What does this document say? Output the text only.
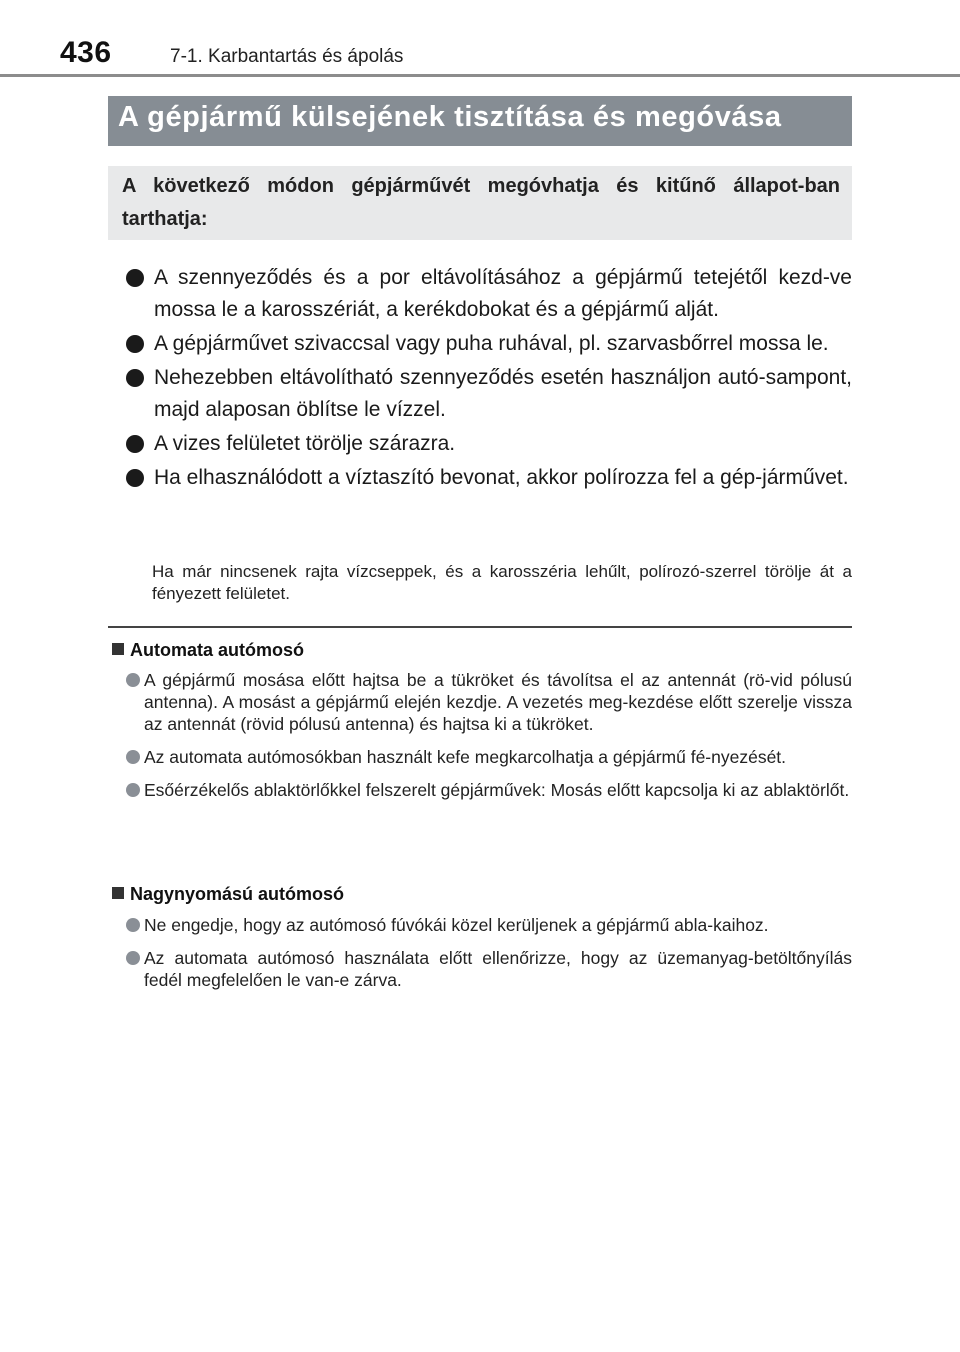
436	7-1. Karbantartás és ápolás
A gépjármű külsejének tisztítása és megóvása
A következő módon gépjárművét megóvhatja és kitűnő állapot-ban tarthatja:
A szennyeződés és a por eltávolításához a gépjármű tetejétől kezd-ve mossa le a karosszériát, a kerékdobokat és a gépjármű alját.
A gépjárművet szivaccsal vagy puha ruhával, pl. szarvasbőrrel mossa le.
Nehezebben eltávolítható szennyeződés esetén használjon autó-sampont, majd alaposan öblítse le vízzel.
A vizes felületet törölje szárazra.
Ha elhasználódott a víztaszító bevonat, akkor polírozza fel a gép-járművet.
Ha már nincsenek rajta vízcseppek, és a karosszéria lehűlt, polírozó-szerrel törölje át a fényezett felületet.
Automata autómosó
A gépjármű mosása előtt hajtsa be a tükröket és távolítsa el az antennát (rö-vid pólusú antenna). A mosást a gépjármű elején kezdje. A vezetés meg-kezdése előtt szerelje vissza az antennát (rövid pólusú antenna) és hajtsa ki a tükröket.
Az automata autómosókban használt kefe megkarcolhatja a gépjármű fé-nyezését.
Esőérzékelős ablaktörlőkkel felszerelt gépjárművek: Mosás előtt kapcsolja ki az ablaktörlőt.
Nagynyomású autómosó
Ne engedje, hogy az autómosó fúvókái közel kerüljenek a gépjármű abla-kaihoz.
Az automata autómosó használata előtt ellenőrizze, hogy az üzemanyag-betöltőnyílás fedél megfelelően le van-e zárva.
